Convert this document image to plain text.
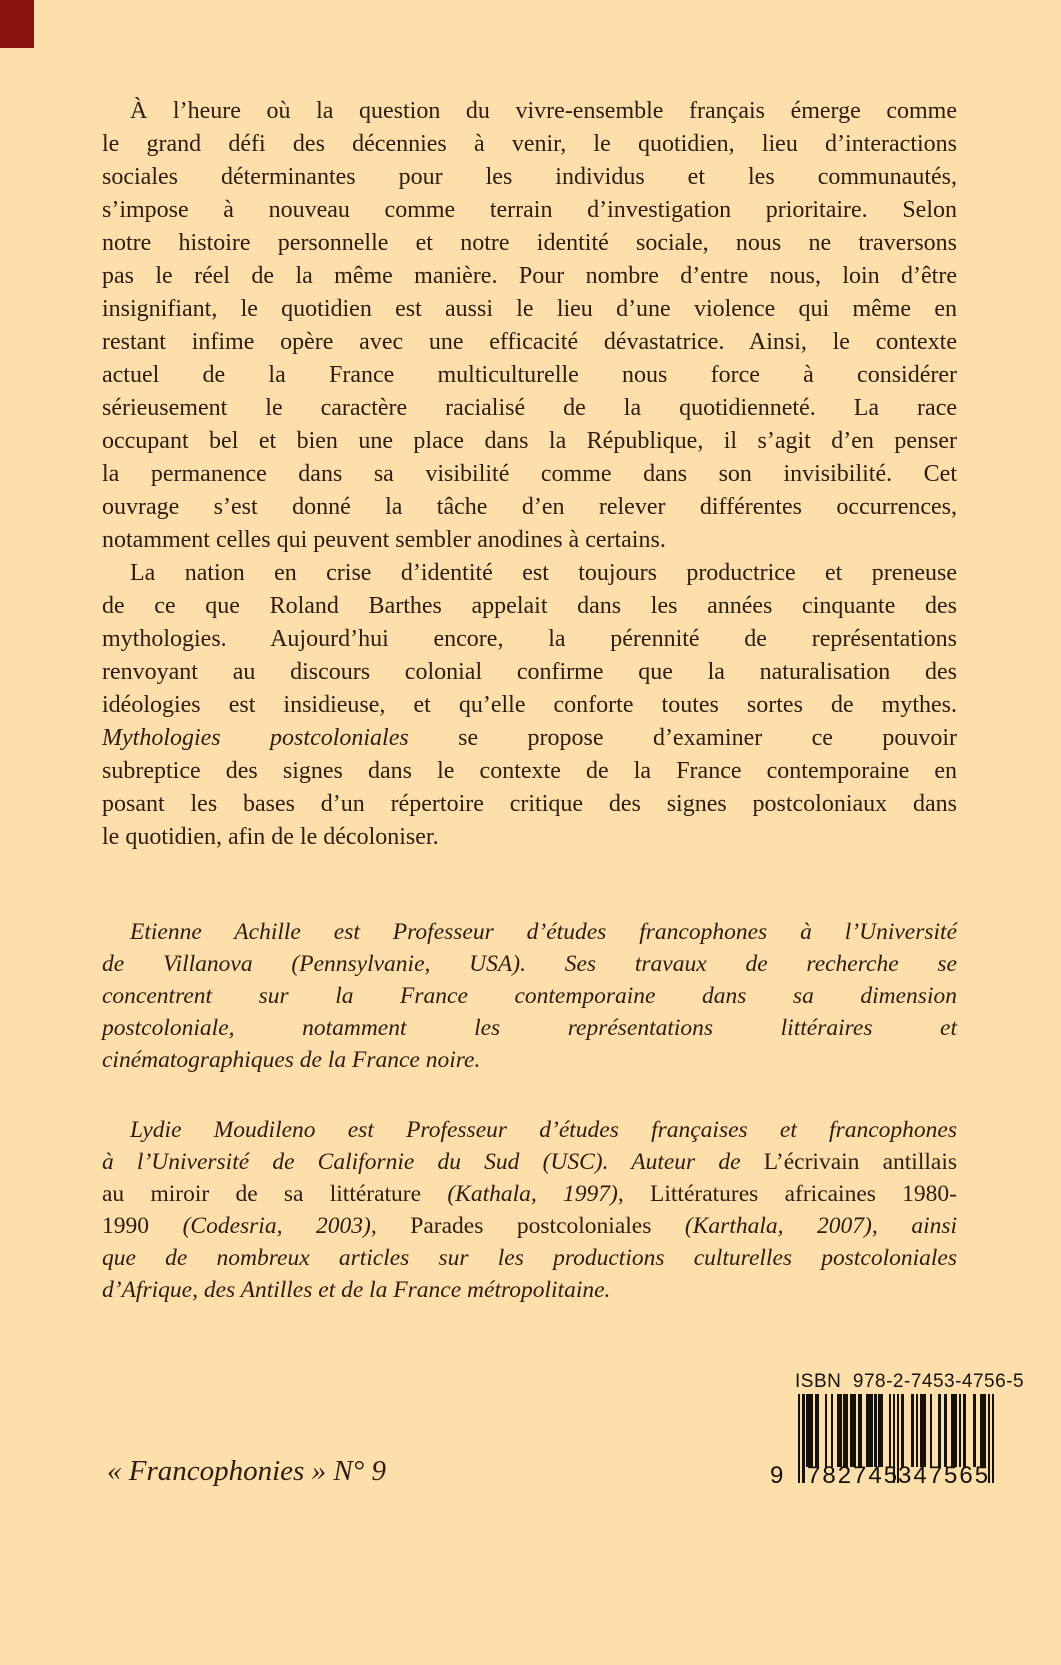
À l’heure où la question du vivre-ensemble français émerge comme
le grand défi des décennies à venir, le quotidien, lieu d’interactions
sociales déterminantes pour les individus et les communautés,
s’impose à nouveau comme terrain d’investigation prioritaire. Selon
notre histoire personnelle et notre identité sociale, nous ne traversons
pas le réel de la même manière. Pour nombre d’entre nous, loin d’être
insignifiant, le quotidien est aussi le lieu d’une violence qui même en
restant infime opère avec une efficacité dévastatrice. Ainsi, le contexte
actuel de la France multiculturelle nous force à considérer
sérieusement le caractère racialisé de la quotidienneté. La race
occupant bel et bien une place dans la République, il s’agit d’en penser
la permanence dans sa visibilité comme dans son invisibilité. Cet
ouvrage s’est donné la tâche d’en relever différentes occurrences,
notamment celles qui peuvent sembler anodines à certains.
La nation en crise d’identité est toujours productrice et preneuse
de ce que Roland Barthes appelait dans les années cinquante des
mythologies. Aujourd’hui encore, la pérennité de représentations
renvoyant au discours colonial confirme que la naturalisation des
idéologies est insidieuse, et qu’elle conforte toutes sortes de mythes.
Mythologies postcoloniales se propose d’examiner ce pouvoir
subreptice des signes dans le contexte de la France contemporaine en
posant les bases d’un répertoire critique des signes postcoloniaux dans
le quotidien, afin de le décoloniser.
Etienne Achille est Professeur d’études francophones à l’Université
de Villanova (Pennsylvanie, USA). Ses travaux de recherche se
concentrent sur la France contemporaine dans sa dimension
postcoloniale, notamment les représentations littéraires et
cinématographiques de la France noire.
Lydie Moudileno est Professeur d’études françaises et francophones
à l’Université de Californie du Sud (USC). Auteur de L’écrivain antillais
au miroir de sa littérature (Kathala, 1997), Littératures africaines 1980-
1990 (Codesria, 2003), Parades postcoloniales (Karthala, 2007), ainsi
que de nombreux articles sur les productions culturelles postcoloniales
d’Afrique, des Antilles et de la France métropolitaine.
ISBN  978-2-7453-4756-5
9 782745
347565
« Francophonies » N° 9
